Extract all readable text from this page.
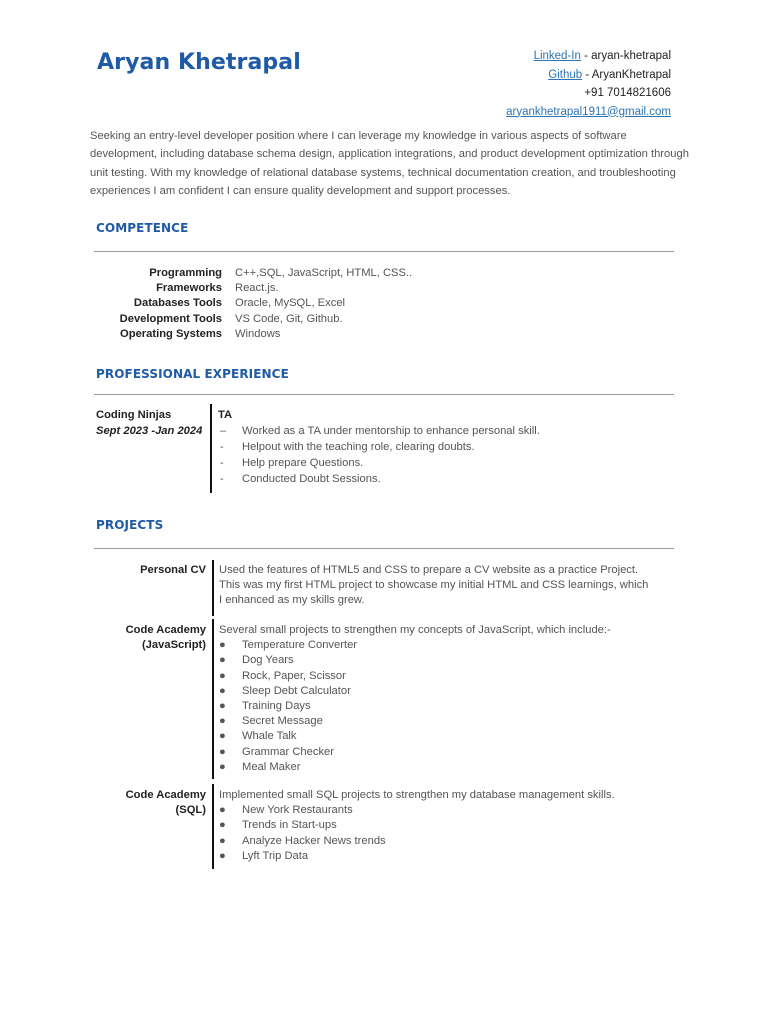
Aryan Khetrapal	Linked-In - aryan-khetrapal
Github - AryanKhetrapal
+91 7014821606
aryankhetrapal1911@gmail.com
Seeking an entry-level developer position where I can leverage my knowledge in various aspects of software development, including database schema design, application integrations, and product development optimization through unit testing. With my knowledge of relational database systems, technical documentation creation, and troubleshooting experiences I am confident I can ensure quality development and support processes.
COMPETENCE
Programming C++,SQL, JavaScript, HTML, CSS..
Frameworks React.js.
Databases Tools Oracle, MySQL, Excel
Development Tools VS Code, Git, Github.
Operating Systems Windows
PROFESSIONAL EXPERIENCE
Coding Ninjas
Sept 2023 -Jan 2024
TA
–	Worked as a TA under mentorship to enhance personal skill.
-	Helpout with the teaching role, clearing doubts.
-	Help prepare Questions.
-	Conducted Doubt Sessions.
PROJECTS
Personal CV Used the features of HTML5 and CSS to prepare a CV website as a practice Project.
This was my first HTML project to showcase my initial HTML and CSS learnings, which
I enhanced as my skills grew.
Code Academy
(JavaScript)
Several small projects to strengthen my concepts of JavaScript, which include:-
●	Temperature Converter
●	Dog Years
●	Rock, Paper, Scissor
●	Sleep Debt Calculator
●	Training Days
●	Secret Message
●	Whale Talk
●	Grammar Checker
●	Meal Maker
Code Academy
(SQL)
Implemented small SQL projects to strengthen my database management skills.
●	New York Restaurants
●	Trends in Start-ups
●	Analyze Hacker News trends
●	Lyft Trip Data
